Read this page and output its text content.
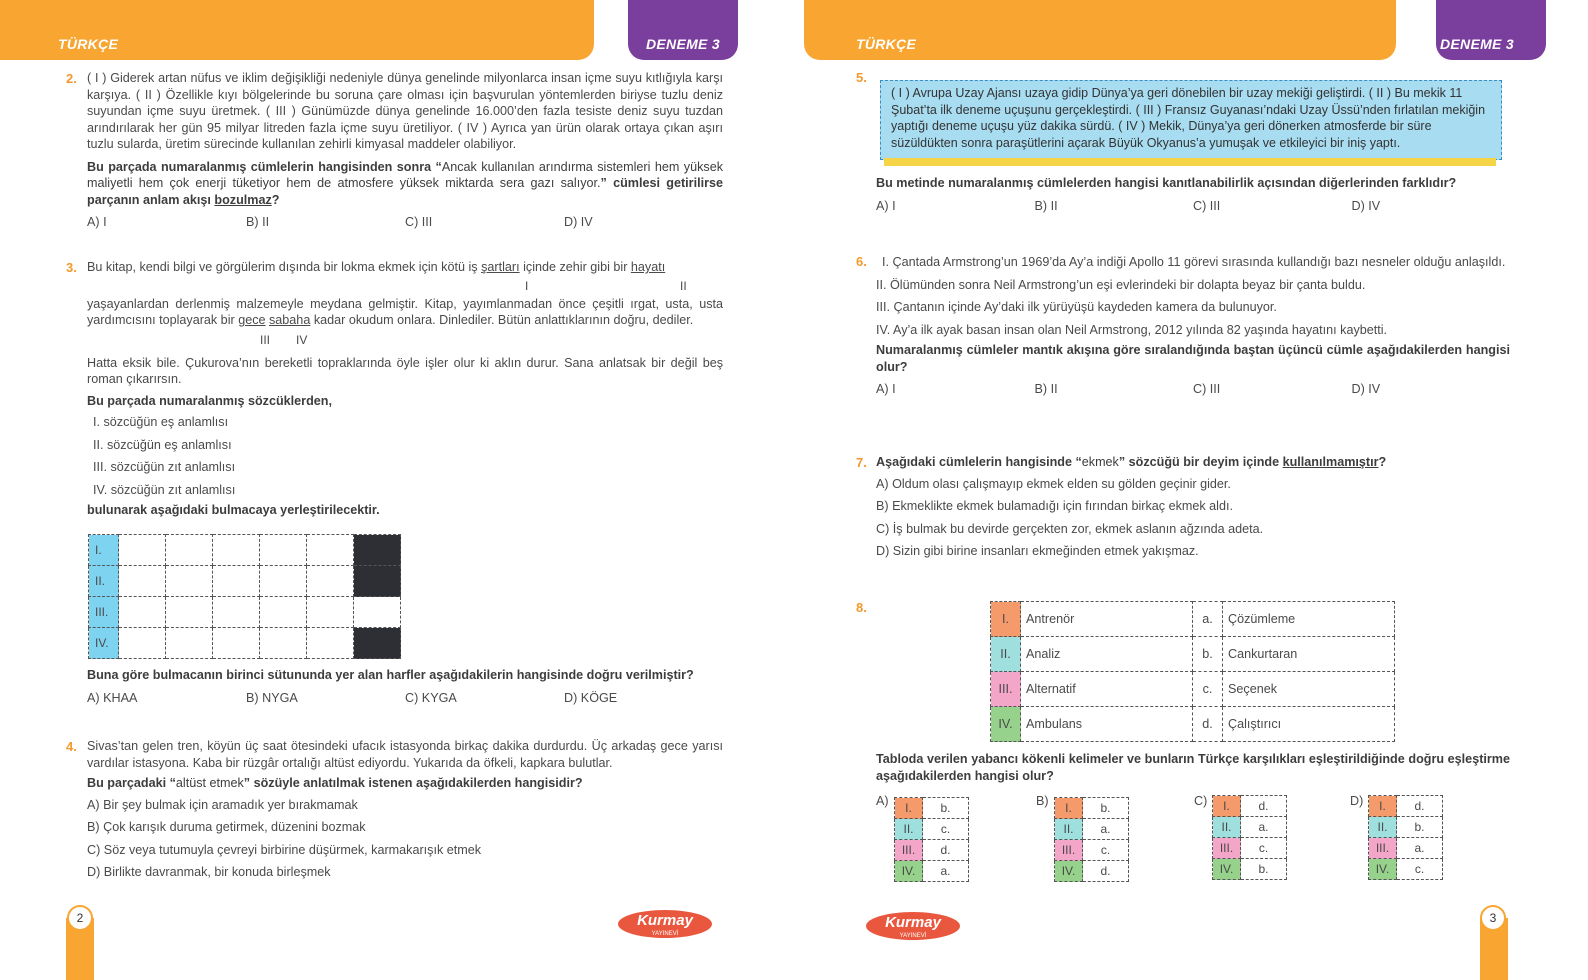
TÜRKÇE	DENEME 3
2. ( I ) Giderek artan nüfus ve iklim değişikliği nedeniyle dünya genelinde milyonlarca insan içme suyu kıtlığıyla karşı karşıya. ( II ) Özellikle kıyı bölgelerinde bu soruna çare olması için başvurulan yöntemlerden biriyse tuzlu deniz suyundan içme suyu üretmek. ( III ) Günümüzde dünya genelinde 16.000’den fazla tesiste deniz suyu tuzdan arındırılarak her gün 95 milyar litreden fazla içme suyu üretiliyor. ( IV ) Ayrıca yan ürün olarak ortaya çıkan aşırı tuzlu sularda, üretim sürecinde kullanılan zehirli kimyasal maddeler olabiliyor.
Bu parçada numaralanmış cümlelerin hangisinden sonra “Ancak kullanılan arındırma sistemleri hem yüksek maliyetli hem çok enerji tüketiyor hem de atmosfere yüksek miktarda sera gazı salıyor.” cümlesi getirilirse parçanın anlam akışı bozulmaz?
A) I	B) II	C) III	D) IV
3. Bu kitap, kendi bilgi ve görgülerim dışında bir lokma ekmek için kötü iş şartları içinde zehir gibi bir hayatı
I	II
yaşayanlardan derlenmiş malzemeyle meydana gelmiştir. Kitap, yayımlanmadan önce çeşitli ırgat, usta, usta yardımcısını toplayarak bir gece sabaha kadar okudum onlara. Dinlediler. Bütün anlattıklarının doğru, dediler.
III IV
Hatta eksik bile. Çukurova’nın bereketli topraklarında öyle işler olur ki aklın durur. Sana anlatsak bir değil beş roman çıkarırsın.
Bu parçada numaralanmış sözcüklerden,
I. sözcüğün eş anlamlısı
II. sözcüğün eş anlamlısı
III. sözcüğün zıt anlamlısı
IV. sözcüğün zıt anlamlısı
bulunarak aşağıdaki bulmacaya yerleştirilecektir.
I.						
II.						
III.						
IV.						
Buna göre bulmacanın birinci sütununda yer alan harfler aşağıdakilerin hangisinde doğru verilmiştir?
A) KHAA	B) NYGA	C) KYGA	D) KÖGE
4. Sivas’tan gelen tren, köyün üç saat ötesindeki ufacık istasyonda birkaç dakika durdurdu. Üç arkadaş gece yarısı vardılar istasyona. Kaba bir rüzgâr ortalığı altüst ediyordu. Yukarıda da öfkeli, kapkara bulutlar.
Bu parçadaki “altüst etmek” sözüyle anlatılmak istenen aşağıdakilerden hangisidir?
A) Bir şey bulmak için aramadık yer bırakmamak
B) Çok karışık duruma getirmek, düzenini bozmak
C) Söz veya tutumuyla çevreyi birbirine düşürmek, karmakarışık etmek
D) Birlikte davranmak, bir konuda birleşmek
2	Kurmay
YAYINEVİ
TÜRKÇE	DENEME 3
5.
( I ) Avrupa Uzay Ajansı uzaya gidip Dünya’ya geri dönebilen bir uzay mekiği geliştirdi. ( II ) Bu mekik 11 Şubat’ta ilk deneme uçuşunu gerçekleştirdi. ( III ) Fransız Guyanası’ndaki Uzay Üssü’nden fırlatılan mekiğin yaptığı deneme uçuşu yüz dakika sürdü. ( IV ) Mekik, Dünya’ya geri dönerken atmosferde bir süre süzüldükten sonra paraşütlerini açarak Büyük Okyanus’a yumuşak ve etkileyici bir iniş yaptı.
Bu metinde numaralanmış cümlelerden hangisi kanıtlanabilirlik açısından diğerlerinden farklıdır?
A) I	B) II	C) III	D) IV
6.	I. Çantada Armstrong’un 1969’da Ay’a indiği Apollo 11 görevi sırasında kullandığı bazı nesneler olduğu anlaşıldı.
II. Ölümünden sonra Neil Armstrong’un eşi evlerindeki bir dolapta beyaz bir çanta buldu.
III. Çantanın içinde Ay’daki ilk yürüyüşü kaydeden kamera da bulunuyor.
IV. Ay’a ilk ayak basan insan olan Neil Armstrong, 2012 yılında 82 yaşında hayatını kaybetti.
Numaralanmış cümleler mantık akışına göre sıralandığında baştan üçüncü cümle aşağıdakilerden hangisi olur?
A) I	B) II	C) III	D) IV
7. Aşağıdaki cümlelerin hangisinde “ekmek” sözcüğü bir deyim içinde kullanılmamıştır?
A) Oldum olası çalışmayıp ekmek elden su gölden geçinir gider.
B) Ekmeklikte ekmek bulamadığı için fırından birkaç ekmek aldı.
C) İş bulmak bu devirde gerçekten zor, ekmek aslanın ağzında adeta.
D) Sizin gibi birine insanları ekmeğinden etmek yakışmaz.
8.
I.	Antrenör	a.	Çözümleme
II.	Analiz	b.	Cankurtaran
III.	Alternatif	c.	Seçenek
IV.	Ambulans	d.	Çalıştırıcı
Tabloda verilen yabancı kökenli kelimeler ve bunların Türkçe karşılıkları eşleştirildiğinde doğru eşleştirme aşağıdakilerden hangisi olur?
A) I.	b.
II.	c.
III.	d.
IV.	a.
B) I.	b.
II.	a.
III.	c.
IV.	d.
C) I.	d.
II.	a.
III.	c.
IV.	b.
D) I.	d.
II.	b.
III.	a.
IV.	c.
Kurmay
YAYINEVİ
3
